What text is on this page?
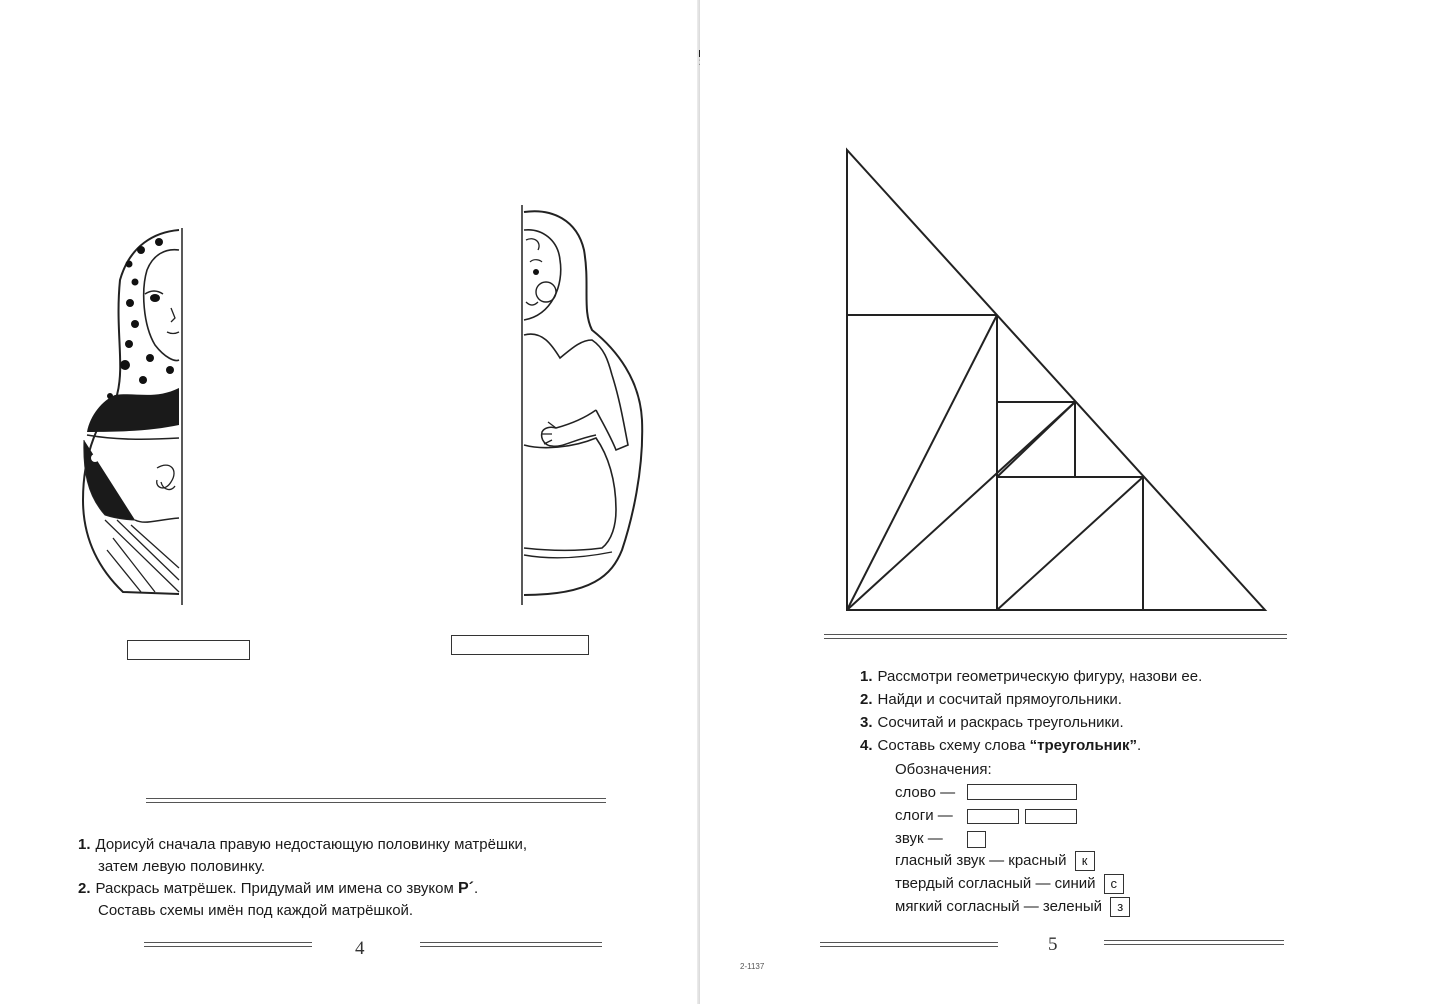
1. Дорисуй сначала правую недостающую половинку матрёшки,
затем левую половинку.
2. Раскрась матрёшек. Придумай им имена со звуком Р´.
Составь схемы имён под каждой матрёшкой.
4
1. Рассмотри геометрическую фигуру, назови ее.
2. Найди и сосчитай прямоугольники.
3. Сосчитай и раскрась треугольники.
4. Составь схему слова “треугольник”.
Обозначения:
слово —
слоги —
звук —
гласный звук — красный к
твердый согласный — синий с
мягкий согласный — зеленый з
5
2-1137
